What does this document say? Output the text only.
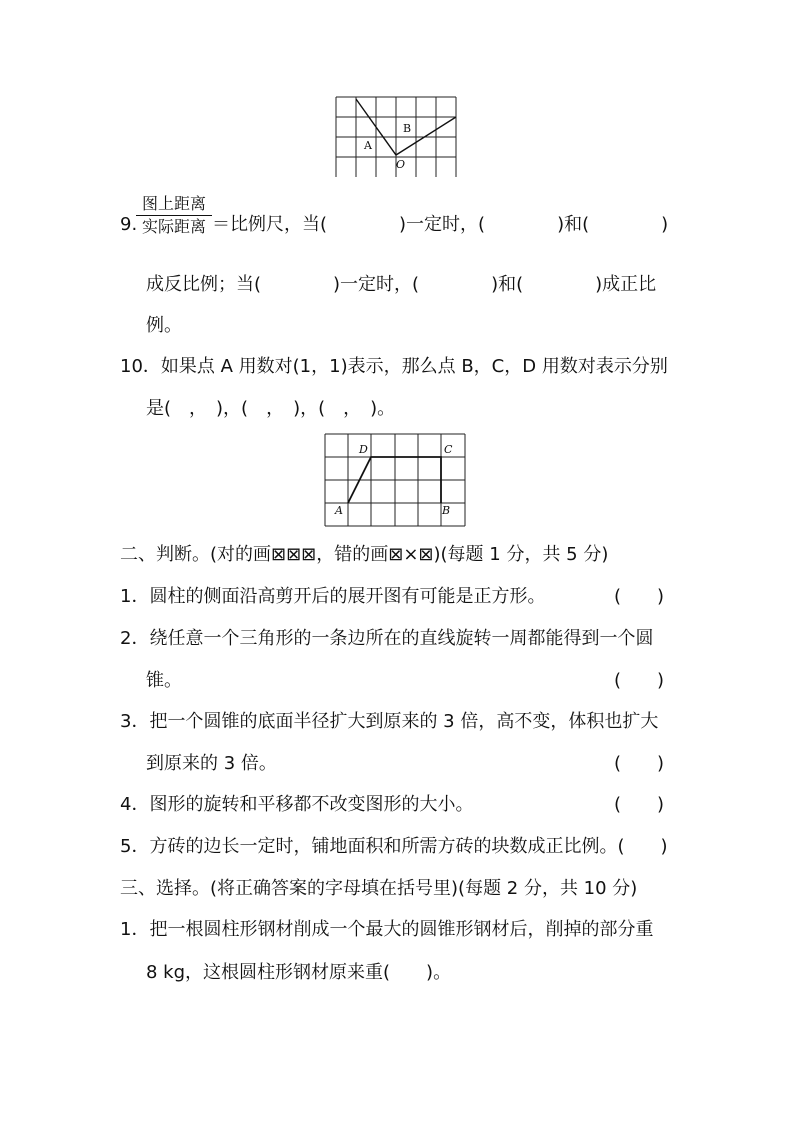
A
B
O
9.
图上距离
实际距离 ＝比例尺，当(　　　　)一定时，(　　　　)和(　　　　)
成反比例；当(　　　　)一定时，(　　　　)和(　　　　)成正比
例。
10．如果点 A 用数对(1，1)表示，那么点 B，C，D 用数对表示分别
是(　，　)，(　，　)，(　，　)。
D	C
A	B
二、判断。(对的画⊠⊠⊠，错的画⊠×⊠)(每题 1 分，共 5 分)
1．圆柱的侧面沿高剪开后的展开图有可能是正方形。	(　　)
2．绕任意一个三角形的一条边所在的直线旋转一周都能得到一个圆
锥。	(　　)
3．把一个圆锥的底面半径扩大到原来的 3 倍，高不变，体积也扩大
到原来的 3 倍。	(　　)
4．图形的旋转和平移都不改变图形的大小。	(　　)
5．方砖的边长一定时，铺地面积和所需方砖的块数成正比例。(　　)
三、选择。(将正确答案的字母填在括号里)(每题 2 分，共 10 分)
1．把一根圆柱形钢材削成一个最大的圆锥形钢材后，削掉的部分重
8 kg，这根圆柱形钢材原来重(　　)。
